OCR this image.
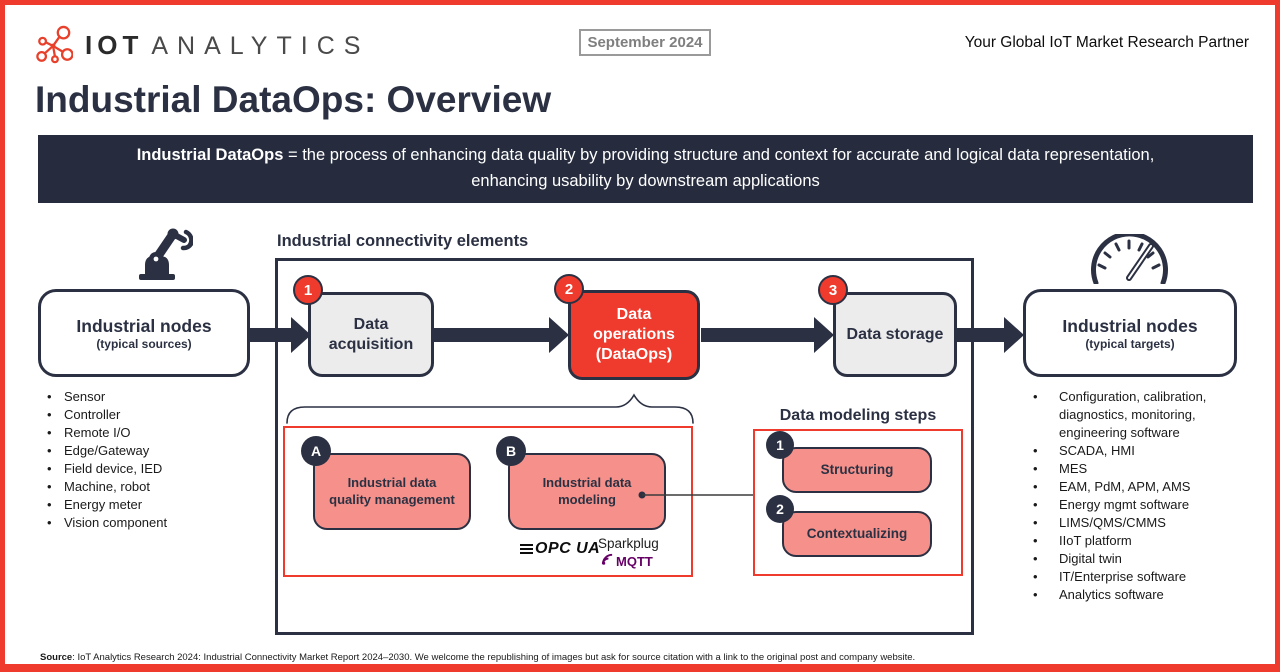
IOT ANALYTICS	September 2024	Your Global IoT Market Research Partner
Industrial DataOps: Overview
Industrial DataOps = the process of enhancing data quality by providing structure and context for accurate and logical data representation,
enhancing usability by downstream applications
Industrial nodes
(typical sources)
• Sensor
• Controller
• Remote I/O
• Edge/Gateway
• Field device, IED
• Machine, robot
• Energy meter
• Vision component
Industrial connectivity elements
Data acquisition
1
Data operations (DataOps)
2
Data storage
3
Industrial data quality management
A
Industrial data modeling
B
OPC UA
Sparkplug
MQTT
Data modeling steps
Structuring
1
Contextualizing
2
Industrial nodes
(typical targets)
•	Configuration, calibration, diagnostics, monitoring, engineering software
•	SCADA, HMI
•	MES
•	EAM, PdM, APM, AMS
•	Energy mgmt software
•	LIMS/QMS/CMMS
•	IIoT platform
•	Digital twin
•	IT/Enterprise software
•	Analytics software
Source: IoT Analytics Research 2024: Industrial Connectivity Market Report 2024–2030. We welcome the republishing of images but ask for source citation with a link to the original post and company website.
